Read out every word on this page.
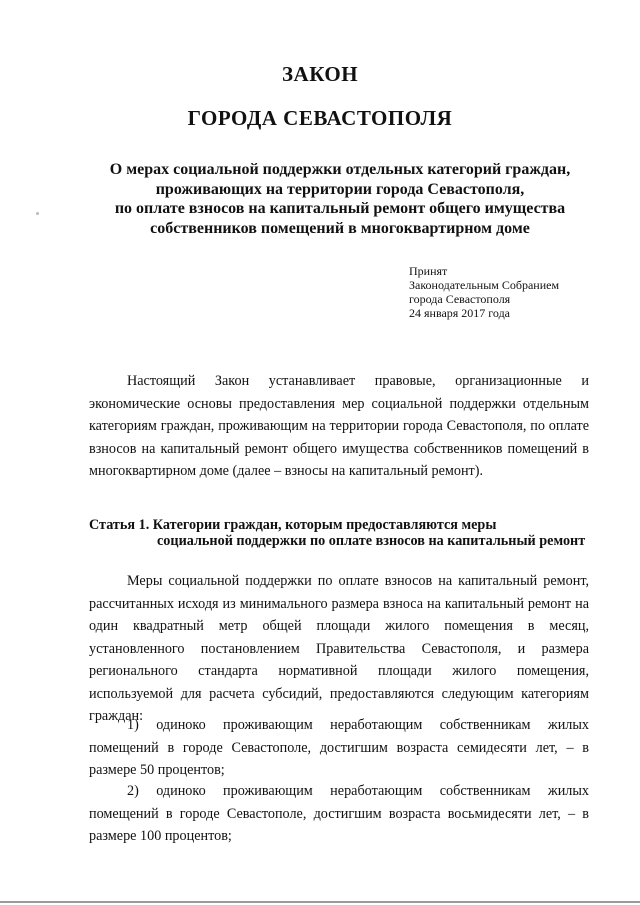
ЗАКОН
ГОРОДА СЕВАСТОПОЛЯ
О мерах социальной поддержки отдельных категорий граждан,
проживающих на территории города Севастополя,
по оплате взносов на капитальный ремонт общего имущества
собственников помещений в многоквартирном доме
Принят
Законодательным Собранием
города Севастополя
24 января 2017 года

Настоящий Закон устанавливает правовые, организационные и экономические основы предоставления мер социальной поддержки отдельным категориям граждан, проживающим на территории города Севастополя, по оплате взносов на капитальный ремонт общего имущества собственников помещений в многоквартирном доме (далее – взносы на капитальный ремонт).

Статья 1. Категории граждан, которым предоставляются меры
социальной поддержки по оплате взносов на капитальный ремонт

Меры социальной поддержки по оплате взносов на капитальный ремонт, рассчитанных исходя из минимального размера взноса на капитальный ремонт на один квадратный метр общей площади жилого помещения в месяц, установленного постановлением Правительства Севастополя, и размера регионального стандарта нормативной площади жилого помещения, используемой для расчета субсидий, предоставляются следующим категориям граждан:

1) одиноко проживающим неработающим собственникам жилых помещений в городе Севастополе, достигшим возраста семидесяти лет, – в размере 50 процентов;

2) одиноко проживающим неработающим собственникам жилых помещений в городе Севастополе, достигшим возраста восьмидесяти лет, – в размере 100 процентов;
